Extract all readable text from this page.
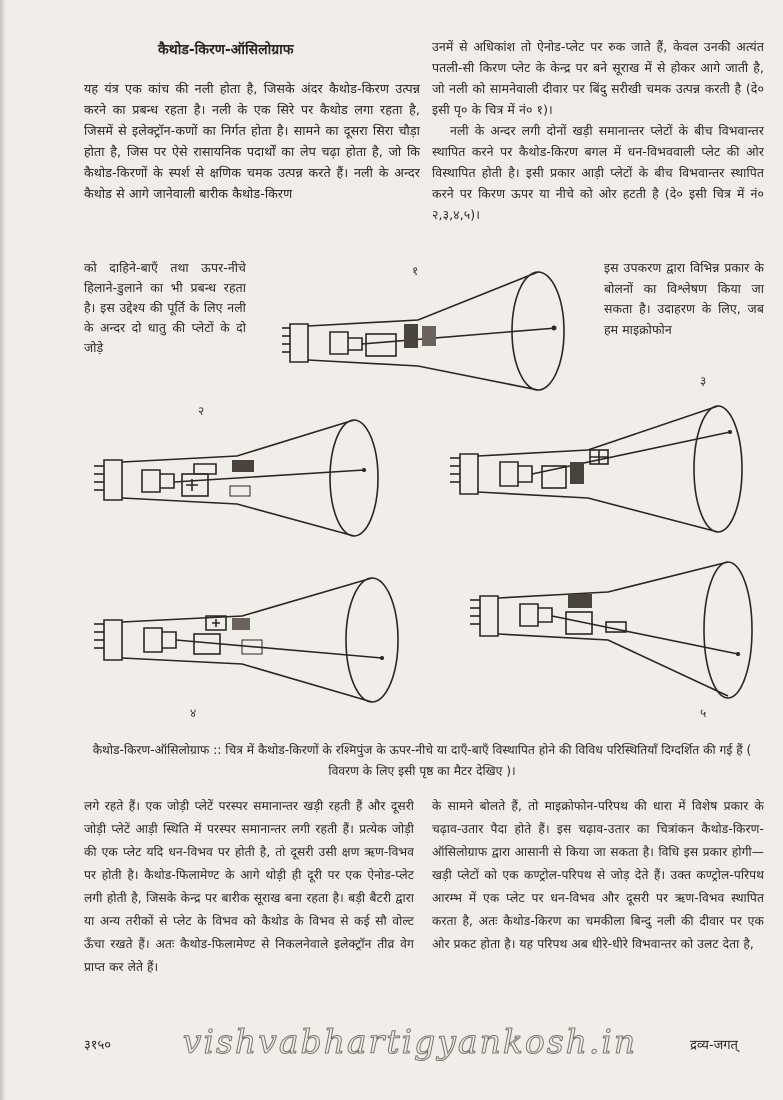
कैथोड-किरण-ऑसिलोग्राफ

यह यंत्र एक कांच की नली होता है, जिसके अंदर कैथोड-किरण उत्पन्न करने का प्रबन्ध रहता है। नली के एक सिरे पर कैथोड लगा रहता है, जिसमें से इलेक्ट्रॉन-कणों का निर्गत होता है। सामने का दूसरा सिरा चौड़ा होता है, जिस पर ऐसे रासायनिक पदार्थों का लेप चढ़ा होता है, जो कि कैथोड-किरणों के स्पर्श से क्षणिक चमक उत्पन्न करते हैं। नली के अन्दर कैथोड से आगे जानेवाली बारीक कैथोड-किरण

को दाहिने-बाएँ तथा ऊपर-नीचे हिलाने-डुलाने का भी प्रबन्ध रहता है। इस उद्देश्य की पूर्ति के लिए नली के अन्दर दो धातु की प्लेटों के दो जोड़े

उनमें से अधिकांश तो ऐनोड-प्लेट पर रुक जाते हैं, केवल उनकी अत्यंत पतली-सी किरण प्लेट के केन्द्र पर बने सूराख में से होकर आगे जाती है, जो नली को सामनेवाली दीवार पर बिंदु सरीखी चमक उत्पन्न करती है (दे० इसी पृ० के चित्र में नं० १)।

नली के अन्दर लगी दोनों खड़ी समानान्तर प्लेटों के बीच विभवान्तर स्थापित करने पर कैथोड-किरण बगल में धन-विभववाली प्लेट की ओर विस्थापित होती है। इसी प्रकार आड़ी प्लेटों के बीच विभवान्तर स्थापित करने पर किरण ऊपर या नीचे को ओर हटती है (दे० इसी चित्र में नं० २,३,४,५)।

इस उपकरण द्वारा विभिन्न प्रकार के बोलनों का विश्लेषण किया जा सकता है। उदाहरण के लिए, जब हम माइक्रोफोन

१
२
३
४	५
कैथोड-किरण-ऑसिलोग्राफ :: चित्र में कैथोड-किरणों के रश्मिपुंज के ऊपर-नीचे या दाएँ-बाएँ विस्थापित होने की विविध परिस्थितियाँ दिग्दर्शित की गई हैं ( विवरण के लिए इसी पृष्ठ का मैटर देखिए )।

लगे रहते हैं। एक जोड़ी प्लेटें परस्पर समानान्तर खड़ी रहती हैं और दूसरी जोड़ी प्लेटें आड़ी स्थिति में परस्पर समानान्तर लगी रहती हैं। प्रत्येक जोड़ी की एक प्लेट यदि धन-विभव पर होती है, तो दूसरी उसी क्षण ऋण-विभव पर होती है। कैथोड-फिलामेण्ट के आगे थोड़ी ही दूरी पर एक ऐनोड-प्लेट लगी होती है, जिसके केन्द्र पर बारीक सूराख बना रहता है। बड़ी बैटरी द्वारा या अन्य तरीकों से प्लेट के विभव को कैथोड के विभव से कई सौ वोल्ट ऊँचा रखते हैं। अतः कैथोड-फिलामेण्ट से निकलनेवाले इलेक्ट्रॉन तीव्र वेग प्राप्त कर लेते हैं।

के सामने बोलते हैं, तो माइक्रोफोन-परिपथ की धारा में विशेष प्रकार के चढ़ाव-उतार पैदा होते हैं। इस चढ़ाव-उतार का चित्रांकन कैथोड-किरण-ऑसिलोग्राफ द्वारा आसानी से किया जा सकता है। विधि इस प्रकार होगी—खड़ी प्लेटों को एक कण्ट्रोल-परिपथ से जोड़ देते हैं। उक्त कण्ट्रोल-परिपथ आरम्भ में एक प्लेट पर धन-विभव और दूसरी पर ऋण-विभव स्थापित करता है, अतः कैथोड-किरण का चमकीला बिन्दु नली की दीवार पर एक ओर प्रकट होता है। यह परिपथ अब धीरे-धीरे विभवान्तर को उलट देता है,

३१५० vishvabhartigyankosh.in	द्रव्य-जगत्
